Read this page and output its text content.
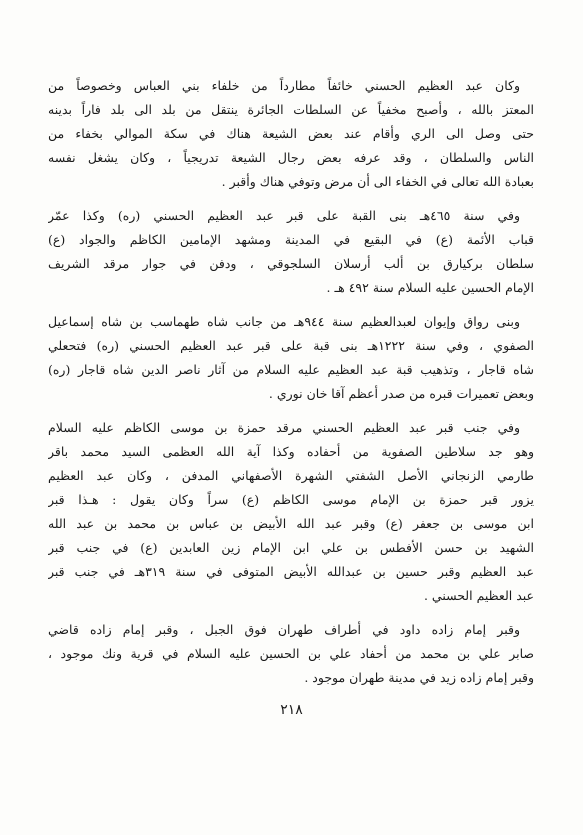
وكان عبد العظيم الحسني خائفاً مطارداً من خلفاء بني العباس وخصوصاً من
المعتز بالله ، وأصبح مخفياً عن السلطات الجائرة ينتقل من بلد الى بلد فاراً بدينه
حتى وصل الى الري وأقام عند بعض الشيعة هناك في سكة الموالي بخفاء من
الناس والسلطان ، وقد عرفه بعض رجال الشيعة تدريجياً ، وكان يشغل نفسه
بعبادة الله تعالى في الخفاء الى أن مرض وتوفي هناك وأقبر .
وفي سنة ٤٦٥هـ بنى القبة على قبر عبد العظيم الحسني (ره) وكذا عمّر
قباب الأئمة (ع) في البقيع في المدينة ومشهد الإمامين الكاظم والجواد (ع)
سلطان بركيارق بن ألب أرسلان السلجوقي ، ودفن في جوار مرقد الشريف
الإمام الحسين عليه السلام سنة ٤٩٢ هـ .
وبنى رواق وإيوان لعبدالعظيم سنة ٩٤٤هـ من جانب شاه طهماسب بن شاه إسماعيل
الصفوي ، وفي سنة ١٢٢٢هـ بنى قبة على قبر عبد العظيم الحسني (ره) فتحعلي
شاه قاجار ، وتذهيب قبة عبد العظيم عليه السلام من آثار ناصر الدين شاه قاجار (ره)
وبعض تعميرات قبره من صدر أعظم آقا خان نوري .
وفي جنب قبر عبد العظيم الحسني مرقد حمزة بن موسى الكاظم عليه السلام
وهو جد سلاطين الصفوية من أحفاده وكذا آية الله العظمى السيد محمد باقر
طارمي الزنجاني الأصل الشفتي الشهرة الأصفهاني المدفن ، وكان عبد العظيم
يزور قبر حمزة بن الإمام موسى الكاظم (ع) سراً وكان يقول : هـذا قبر
ابن موسى بن جعفر (ع) وقبر عبد الله الأبيض بن عباس بن محمد بن عبد الله
الشهيد بن حسن الأفطس بن علي ابن الإمام زين العابدين (ع) في جنب قبر
عبد العظيم وقبر حسين بن عبدالله الأبيض المتوفى في سنة ٣١٩هـ في جنب قبر
عبد العظيم الحسني .
وقبر إمام زاده داود في أطراف طهران فوق الجبل ، وقبر إمام زاده قاضي
صابر علي بن محمد من أحفاد علي بن الحسين عليه السلام في قرية ونك موجود ،
وقبر إمام زاده زيد في مدينة طهران موجود .
٢١٨
